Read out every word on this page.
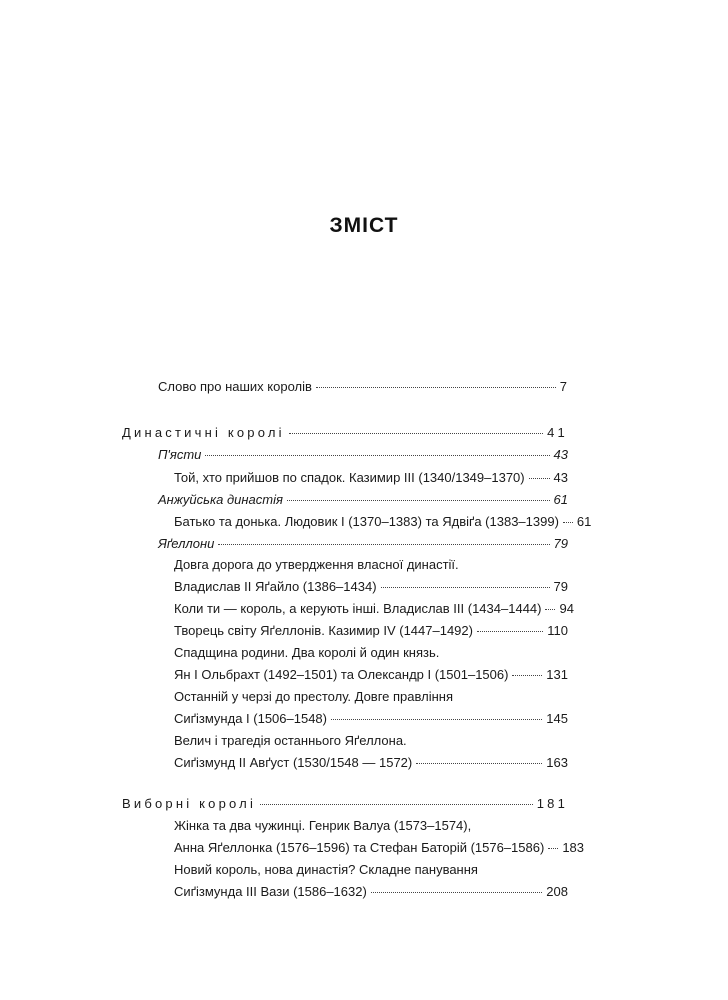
ЗМІСТ
Слово про наших королів	7
Династичні королі	41
П'ясти	43
Той, хто прийшов по спадок. Казимир III (1340/1349–1370) 43
Анжуйська династія	61
Батько та донька. Людовик I (1370–1383) та Ядвіґа (1383–1399) 61
Яґеллони	79
Довга дорога до утвердження власної династії.
Владислав II Яґайло (1386–1434)	79
Коли ти — король, а керують інші. Владислав III (1434–1444) 94
Творець світу Яґеллонів. Казимир IV (1447–1492)	110
Спадщина родини. Два королі й один князь.
Ян I Ольбрахт (1492–1501) та Олександр I (1501–1506)	131
Останній у черзі до престолу. Довге правління
Сиґізмунда I (1506–1548)	145
Велич і трагедія останнього Яґеллона.
Сиґізмунд II Авґуст (1530/1548 — 1572)	163
Виборні королі	181
Жінка та два чужинці. Генрик Валуа (1573–1574),
Анна Яґеллонка (1576–1596) та Стефан Баторій (1576–1586) 183
Новий король, нова династія? Складне панування
Сиґізмунда III Вази (1586–1632)	208
